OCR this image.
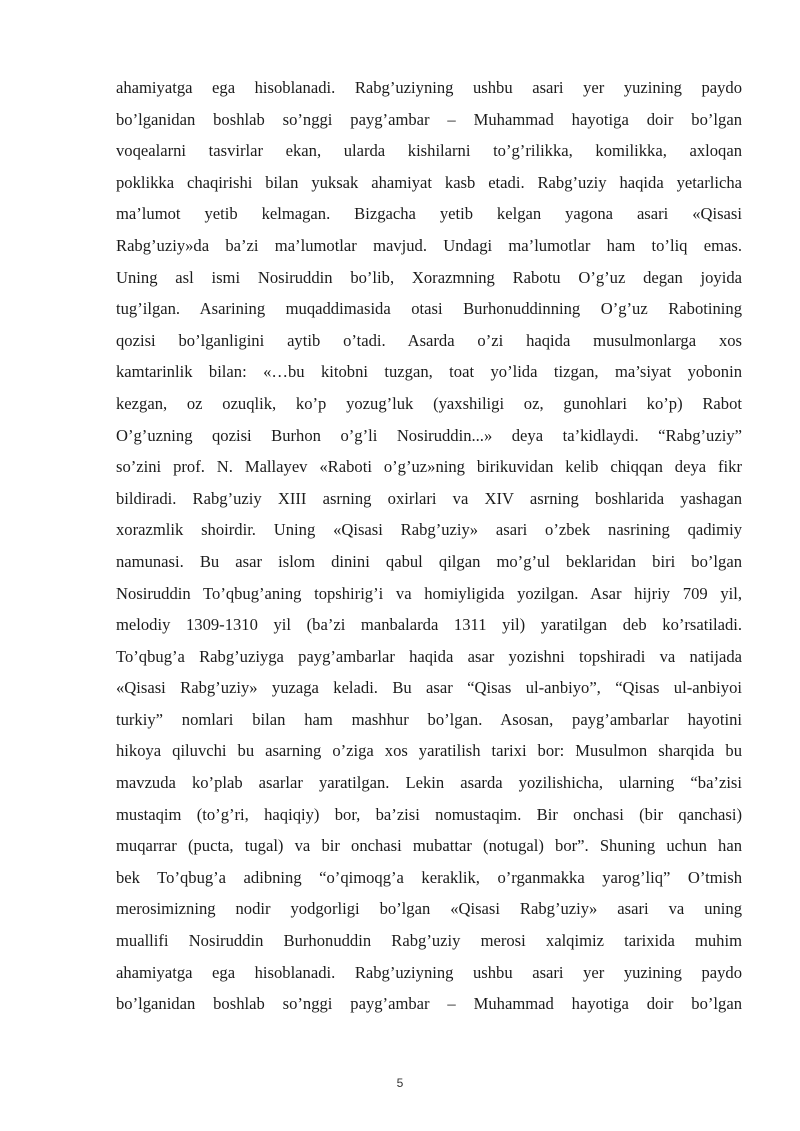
ahamiyatga ega hisoblanadi. Rabg’uziyning ushbu asari yer yuzining paydo
bo’lganidan boshlab so’nggi payg’ambar – Muhammad hayotiga doir bo’lgan
voqealarni tasvirlar ekan, ularda kishilarni to’g’rilikka, komilikka, axloqan
poklikka chaqirishi bilan yuksak ahamiyat kasb etadi. Rabg’uziy haqida yetarlicha
ma’lumot yetib kelmagan. Bizgacha yetib kelgan yagona asari «Qisasi
Rabg’uziy»da ba’zi ma’lumotlar mavjud. Undagi ma’lumotlar ham to’liq emas.
Uning asl ismi Nosiruddin bo’lib, Xorazmning Rabotu O’g’uz degan joyida
tug’ilgan. Asarining muqaddimasida otasi Burhonuddinning O’g’uz Rabotining
qozisi bo’lganligini aytib o’tadi. Asarda o’zi haqida musulmonlarga xos
kamtarinlik bilan: «…bu kitobni tuzgan, toat yo’lida tizgan, ma’siyat yobonin
kezgan, oz ozuqlik, ko’p yozug’luk (yaxshiligi oz, gunohlari ko’p) Rabot
O’g’uzning qozisi Burhon o’g’li Nosiruddin...» deya ta’kidlaydi. “Rabg’uziy”
so’zini prof. N. Mallayev «Raboti o’g’uz»ning birikuvidan kelib chiqqan deya fikr
bildiradi. Rabg’uziy XIII asrning oxirlari va XIV asrning boshlarida yashagan
xorazmlik shoirdir. Uning «Qisasi Rabg’uziy» asari o’zbek nasrining qadimiy
namunasi. Bu asar islom dinini qabul qilgan mo’g’ul beklaridan biri bo’lgan
Nosiruddin To’qbug’aning topshirig’i va homiyligida yozilgan. Asar hijriy 709 yil,
melodiy 1309-1310 yil (ba’zi manbalarda 1311 yil) yaratilgan deb ko’rsatiladi.
To’qbug’a Rabg’uziyga payg’ambarlar haqida asar yozishni topshiradi va natijada
«Qisasi Rabg’uziy» yuzaga keladi. Bu asar “Qisas ul-anbiyo”, “Qisas ul-anbiyoi
turkiy” nomlari bilan ham mashhur bo’lgan. Asosan, payg’ambarlar hayotini
hikoya qiluvchi bu asarning o’ziga xos yaratilish tarixi bor: Musulmon sharqida bu
mavzuda ko’plab asarlar yaratilgan. Lekin asarda yozilishicha, ularning “ba’zisi
mustaqim (to’g’ri, haqiqiy) bor, ba’zisi nomustaqim. Bir onchasi (bir qanchasi)
muqarrar (pucta, tugal) va bir onchasi mubattar (notugal) bor”. Shuning uchun han
bek To’qbug’a adibning “o’qimoqg’a keraklik, o’rganmakka yarog’liq” O’tmish
merosimizning nodir yodgorligi bo’lgan «Qisasi Rabg’uziy» asari va uning
muallifi Nosiruddin Burhonuddin Rabg’uziy merosi xalqimiz tarixida muhim
ahamiyatga ega hisoblanadi. Rabg’uziyning ushbu asari yer yuzining paydo
bo’lganidan boshlab so’nggi payg’ambar – Muhammad hayotiga doir bo’lgan

5
